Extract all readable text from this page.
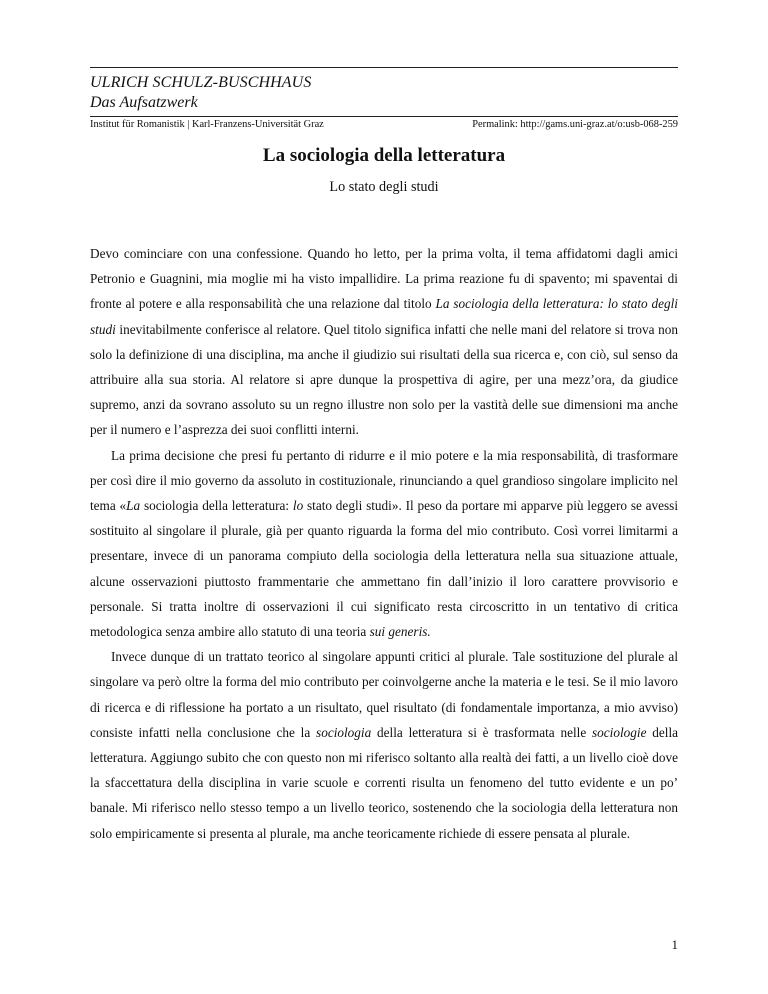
ULRICH SCHULZ-BUSCHHAUS
Das Aufsatzwerk
Institut für Romanistik | Karl-Franzens-Universität Graz	Permalink: http://gams.uni-graz.at/o:usb-068-259
La sociologia della letteratura
Lo stato degli studi

Devo cominciare con una confessione. Quando ho letto, per la prima volta, il tema affidatomi dagli amici Petronio e Guagnini, mia moglie mi ha visto impallidire. La prima reazione fu di spavento; mi spaventai di fronte al potere e alla responsabilità che una relazione dal titolo La sociologia della letteratura: lo stato degli studi inevitabilmente conferisce al relatore. Quel titolo significa infatti che nelle mani del relatore si trova non solo la definizione di una disciplina, ma anche il giudizio sui risultati della sua ricerca e, con ciò, sul senso da attribuire alla sua storia. Al relatore si apre dunque la prospettiva di agire, per una mezz’ora, da giudice supremo, anzi da sovrano assoluto su un regno illustre non solo per la vastità delle sue dimensioni ma anche per il numero e l’asprezza dei suoi conflitti interni.

La prima decisione che presi fu pertanto di ridurre e il mio potere e la mia responsabilità, di trasformare per così dire il mio governo da assoluto in costituzionale, rinunciando a quel grandioso singolare implicito nel tema «La sociologia della letteratura: lo stato degli studi». Il peso da portare mi apparve più leggero se avessi sostituito al singolare il plurale, già per quanto riguarda la forma del mio contributo. Così vorrei limitarmi a presentare, invece di un panorama compiuto della sociologia della letteratura nella sua situazione attuale, alcune osservazioni piuttosto frammentarie che ammettano fin dall’inizio il loro carattere provvisorio e personale. Si tratta inoltre di osservazioni il cui significato resta circoscritto in un tentativo di critica metodologica senza ambire allo statuto di una teoria sui generis.

Invece dunque di un trattato teorico al singolare appunti critici al plurale. Tale sostituzione del plurale al singolare va però oltre la forma del mio contributo per coinvolgerne anche la materia e le tesi. Se il mio lavoro di ricerca e di riflessione ha portato a un risultato, quel risultato (di fondamentale importanza, a mio avviso) consiste infatti nella conclusione che la sociologia della letteratura si è trasformata nelle sociologie della letteratura. Aggiungo subito che con questo non mi riferisco soltanto alla realtà dei fatti, a un livello cioè dove la sfaccettatura della disciplina in varie scuole e correnti risulta un fenomeno del tutto evidente e un po’ banale. Mi riferisco nello stesso tempo a un livello teorico, sostenendo che la sociologia della letteratura non solo empiricamente si presenta al plurale, ma anche teoricamente richiede di essere pensata al plurale.

1
